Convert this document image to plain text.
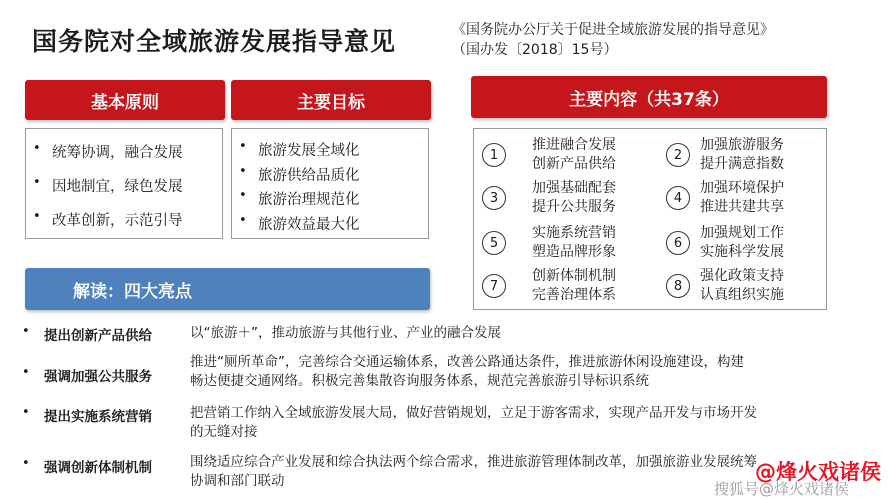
国务院对全域旅游发展指导意见	《国务院办公厅关于促进全域旅游发展的指导意见》
（国办发〔2018〕15号）
基本原则
• 统筹协调，融合发展
• 因地制宜，绿色发展
• 改革创新，示范引导
主要目标
• 旅游发展全域化
• 旅游供给品质化
• 旅游治理规范化
• 旅游效益最大化
主要内容（共37条）
1
推进融合发展
创新产品供给
2
加强旅游服务
提升满意指数
3
加强基础配套
提升公共服务
4
加强环境保护
推进共建共享
5
实施系统营销
塑造品牌形象
6
加强规划工作
实施科学发展
7
创新体制机制
完善治理体系
8
强化政策支持
认真组织实施
解读：四大亮点
• 提出创新产品供给	以“旅游＋”，推动旅游与其他行业、产业的融合发展
• 强调加强公共服务
推进“厕所革命”，完善综合交通运输体系，改善公路通达条件，推进旅游休闲设施建设，构建
畅达便捷交通网络。积极完善集散咨询服务体系，规范完善旅游引导标识系统
• 提出实施系统营销	把营销工作纳入全域旅游发展大局，做好营销规划，立足于游客需求，实现产品开发与市场开发
的无缝对接
• 强调创新体制机制	围绕适应综合产业发展和综合执法两个综合需求，推进旅游管理体制改革，加强旅游业发展统筹
协调和部门联动	@烽火戏诸侯
搜狐号@烽火戏诸侯
